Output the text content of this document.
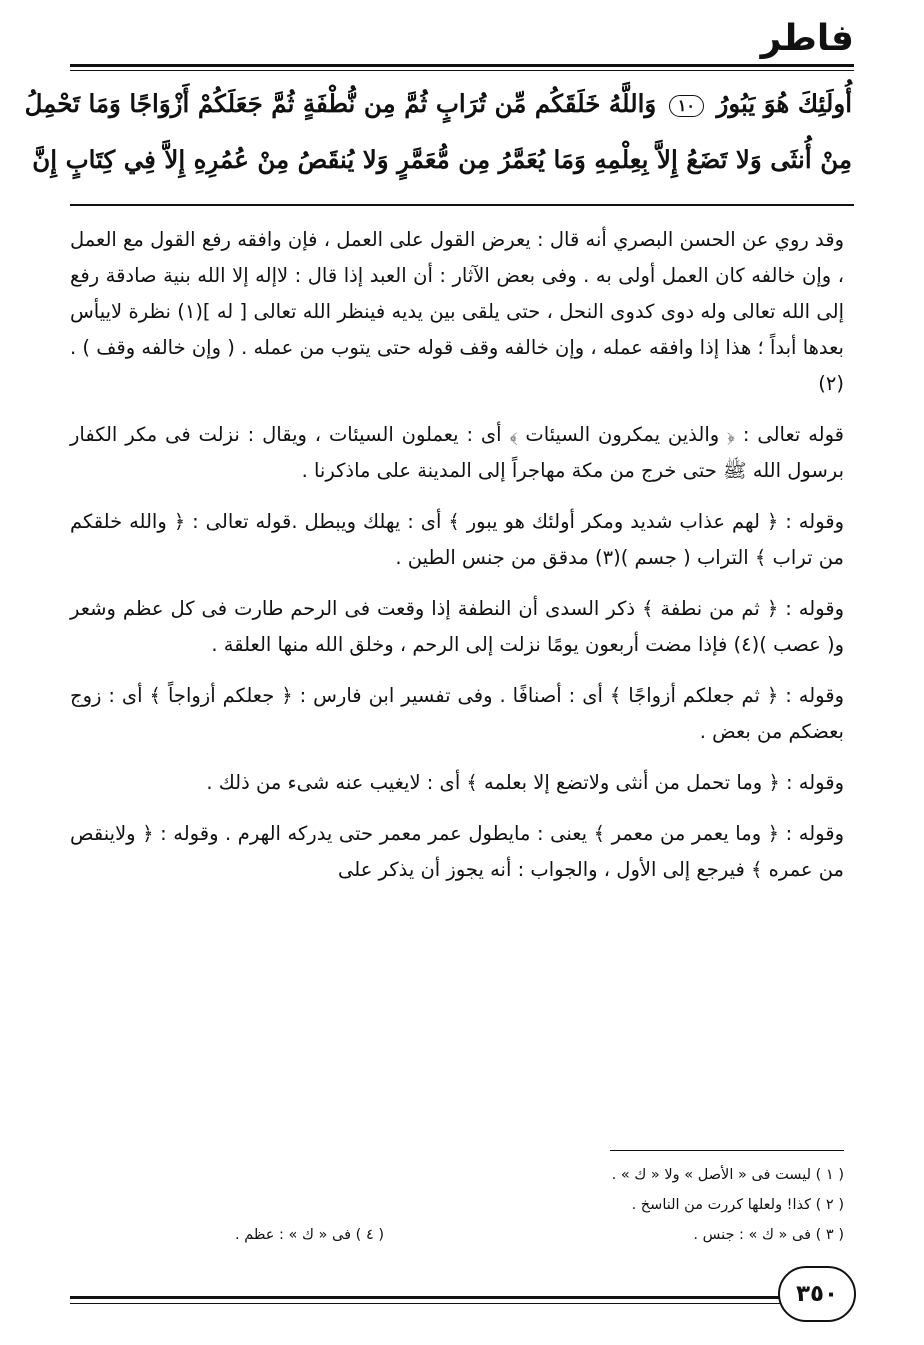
فاطر
أُولَئِكَ هُوَ يَبُورُ ١٠ وَاللَّهُ خَلَقَكُم مِّن تُرَابٍ ثُمَّ مِن نُّطْفَةٍ ثُمَّ جَعَلَكُمْ أَزْوَاجًا وَمَا تَحْمِلُ
مِنْ أُنثَى وَلا تَضَعُ إِلاَّ بِعِلْمِهِ وَمَا يُعَمَّرُ مِن مُّعَمَّرٍ وَلا يُنقَصُ مِنْ عُمُرِهِ إِلاَّ فِي كِتَابٍ إِنَّ

وقد روي عن الحسن البصري أنه قال : يعرض القول على العمل ، فإن وافقه رفع القول مع العمل ، وإن خالفه كان العمل أولى به . وفى بعض الآثار : أن العبد إذا قال : لاإله إلا الله بنية صادقة رفع إلى الله تعالى وله دوى كدوى النحل ، حتى يلقى بين يديه فينظر الله تعالى [ له ](١) نظرة لاييأس بعدها أبداً ؛ هذا إذا وافقه عمله ، وإن خالفه وقف قوله حتى يتوب من عمله . ( وإن خالفه وقف ) . (٢)

قوله تعالى : ﴿ والذين يمكرون السيئات ﴾ أى : يعملون السيئات ، ويقال : نزلت فى مكر الكفار برسول الله ﷺ حتى خرج من مكة مهاجراً إلى المدينة على ماذكرنا .

وقوله : ﴿ لهم عذاب شديد ومكر أولئك هو يبور ﴾ أى : يهلك ويبطل .قوله تعالى : ﴿ والله خلقكم من تراب ﴾ التراب ( جسم )(٣) مدقق من جنس الطين .

وقوله : ﴿ ثم من نطفة ﴾ ذكر السدى أن النطفة إذا وقعت فى الرحم طارت فى كل عظم وشعر و( عصب )(٤) فإذا مضت أربعون يومًا نزلت إلى الرحم ، وخلق الله منها العلقة .

وقوله : ﴿ ثم جعلكم أزواجًا ﴾ أى : أصنافًا . وفى تفسير ابن فارس : ﴿ جعلكم أزواجاً ﴾ أى : زوج بعضكم من بعض .

وقوله : ﴿ وما تحمل من أنثى ولاتضع إلا بعلمه ﴾ أى : لايغيب عنه شىء من ذلك .

وقوله : ﴿ وما يعمر من معمر ﴾ يعنى : مايطول عمر معمر حتى يدركه الهرم . وقوله : ﴿ ولاينقص من عمره ﴾ فيرجع إلى الأول ، والجواب : أنه يجوز أن يذكر على

( ١ ) ليست فى « الأصل » ولا « ك » .
( ٢ ) كذا! ولعلها كررت من الناسخ .
( ٣ ) فى « ك » : جنس .
( ٤ ) فى « ك » : عظم .
٣٥٠
